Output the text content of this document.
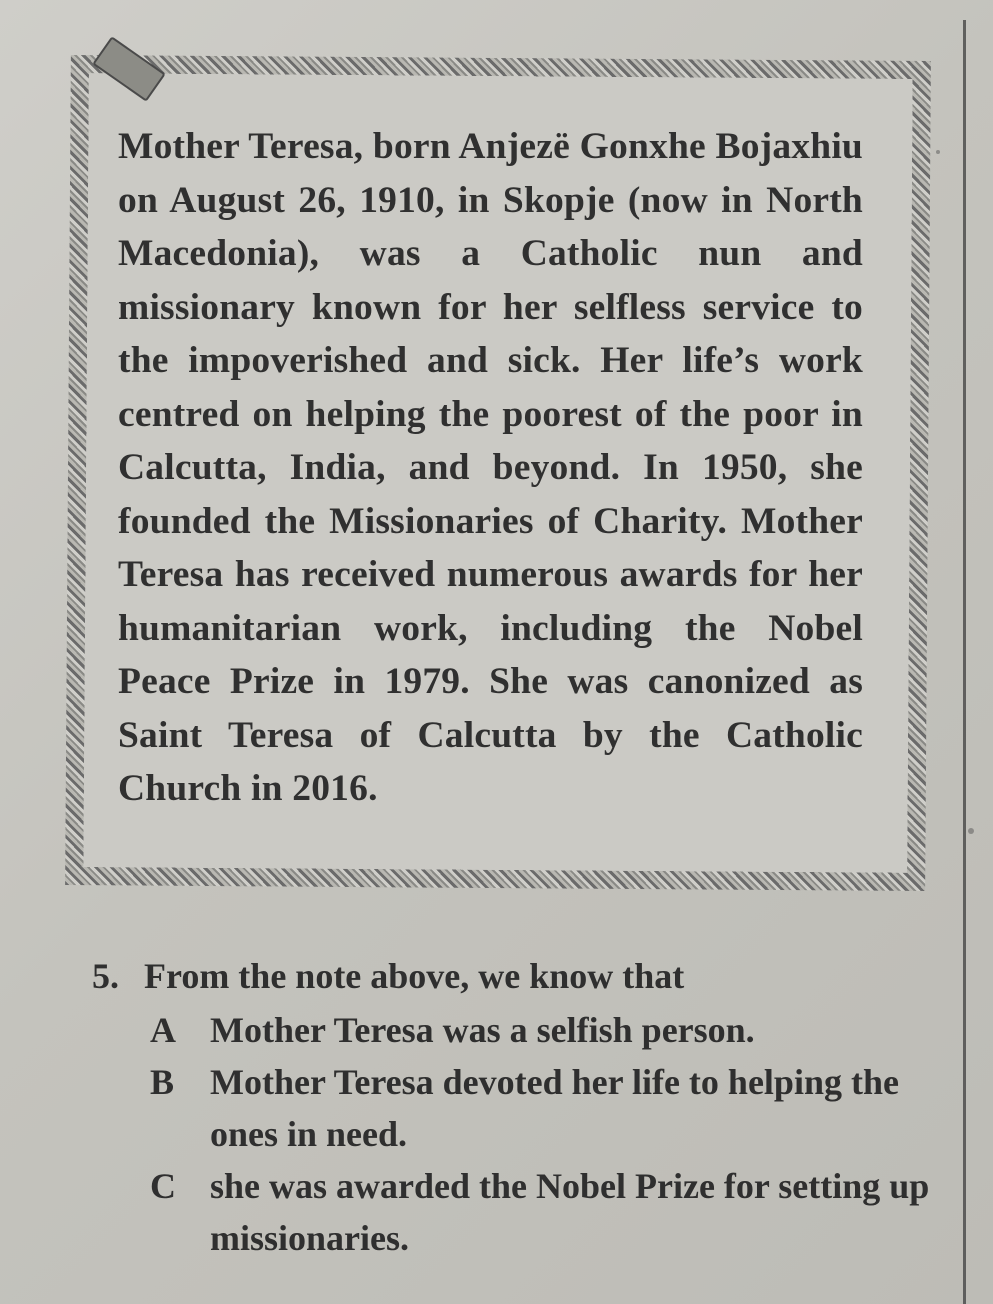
Mother Teresa, born Anjezë Gonxhe Bojaxhiu on August 26, 1910, in Skopje (now in North Macedonia), was a Catholic nun and missionary known for her selfless service to the impoverished and sick. Her life’s work centred on helping the poorest of the poor in Calcutta, India, and beyond. In 1950, she founded the Missionaries of Charity. Mother Teresa has received numerous awards for her humanitarian work, including the Nobel Peace Prize in 1979. She was canonized as Saint Teresa of Calcutta by the Catholic Church in 2016.
5. From the note above, we know that
A Mother Teresa was a selfish person.
B Mother Teresa devoted her life to helping the ones in need.
C she was awarded the Nobel Prize for setting up missionaries.
